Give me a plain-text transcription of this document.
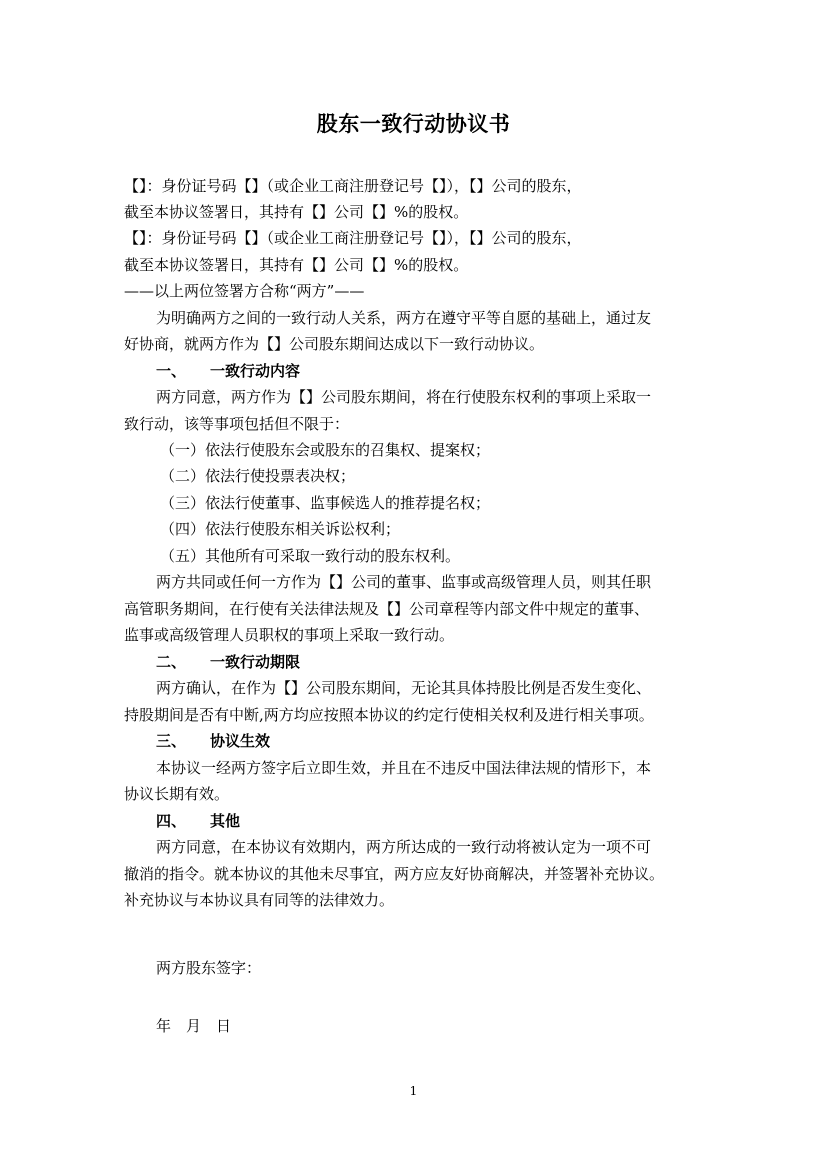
股东一致行动协议书
【】：身份证号码【】（或企业工商注册登记号【】），【】公司的股东，
截至本协议签署日，其持有【】公司【】%的股权。
【】：身份证号码【】（或企业工商注册登记号【】），【】公司的股东，
截至本协议签署日，其持有【】公司【】%的股权。
——以上两位签署方合称“两方”——
为明确两方之间的一致行动人关系，两方在遵守平等自愿的基础上，通过友
好协商，就两方作为【】公司股东期间达成以下一致行动协议。
一、 一致行动内容
两方同意，两方作为【】公司股东期间，将在行使股东权利的事项上采取一
致行动，该等事项包括但不限于：
（一）依法行使股东会或股东的召集权、提案权；
（二）依法行使投票表决权；
（三）依法行使董事、监事候选人的推荐提名权；
（四）依法行使股东相关诉讼权利；
（五）其他所有可采取一致行动的股东权利。
两方共同或任何一方作为【】公司的董事、监事或高级管理人员，则其任职
高管职务期间，在行使有关法律法规及【】公司章程等内部文件中规定的董事、
监事或高级管理人员职权的事项上采取一致行动。
二、 一致行动期限
两方确认，在作为【】公司股东期间，无论其具体持股比例是否发生变化、
持股期间是否有中断,两方均应按照本协议的约定行使相关权利及进行相关事项。
三、 协议生效
本协议一经两方签字后立即生效，并且在不违反中国法律法规的情形下，本
协议长期有效。
四、 其他
两方同意，在本协议有效期内，两方所达成的一致行动将被认定为一项不可
撤消的指令。就本协议的其他未尽事宜，两方应友好协商解决，并签署补充协议。
补充协议与本协议具有同等的法律效力。
两方股东签字：
年　月　日
1
